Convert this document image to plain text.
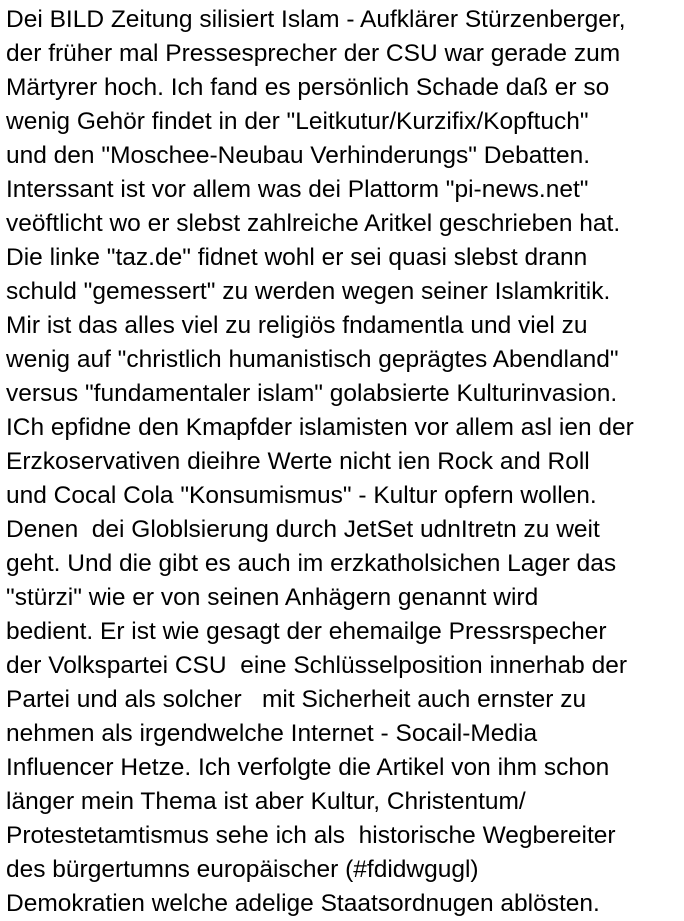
Dei BILD Zeitung silisiert Islam - Aufklärer Stürzenberger,
der früher mal Pressesprecher der CSU war gerade zum
Märtyrer hoch. Ich fand es persönlich Schade daß er so
wenig Gehör findet in der "Leitkutur/Kurzifix/Kopftuch"
und den "Moschee-Neubau Verhinderungs" Debatten.
Interssant ist vor allem was dei Plattorm "pi-news.net"
veöftlicht wo er slebst zahlreiche Aritkel geschrieben hat.
Die linke "taz.de" fidnet wohl er sei quasi slebst drann
schuld "gemessert" zu werden wegen seiner Islamkritik.
Mir ist das alles viel zu religiös fndamentla und viel zu
wenig auf "christlich humanistisch geprägtes Abendland"
versus "fundamentaler islam" golabsierte Kulturinvasion.
ICh epfidne den Kmapfder islamisten vor allem asl ien der
Erzkoservativen dieihre Werte nicht ien Rock and Roll
und Cocal Cola "Konsumismus" - Kultur opfern wollen.
Denen  dei Globlsierung durch JetSet udnItretn zu weit
geht. Und die gibt es auch im erzkatholsichen Lager das
"stürzi" wie er von seinen Anhägern genannt wird
bedient. Er ist wie gesagt der ehemailge Pressrspecher
der Volkspartei CSU  eine Schlüsselposition innerhab der
Partei und als solcher   mit Sicherheit auch ernster zu
nehmen als irgendwelche Internet - Socail-Media
Influencer Hetze. Ich verfolgte die Artikel von ihm schon
länger mein Thema ist aber Kultur, Christentum/
Protestetamtismus sehe ich als  historische Wegbereiter
des bürgertumns europäischer (#fdidwgugl)
Demokratien welche adelige Staatsordnugen ablösten.
